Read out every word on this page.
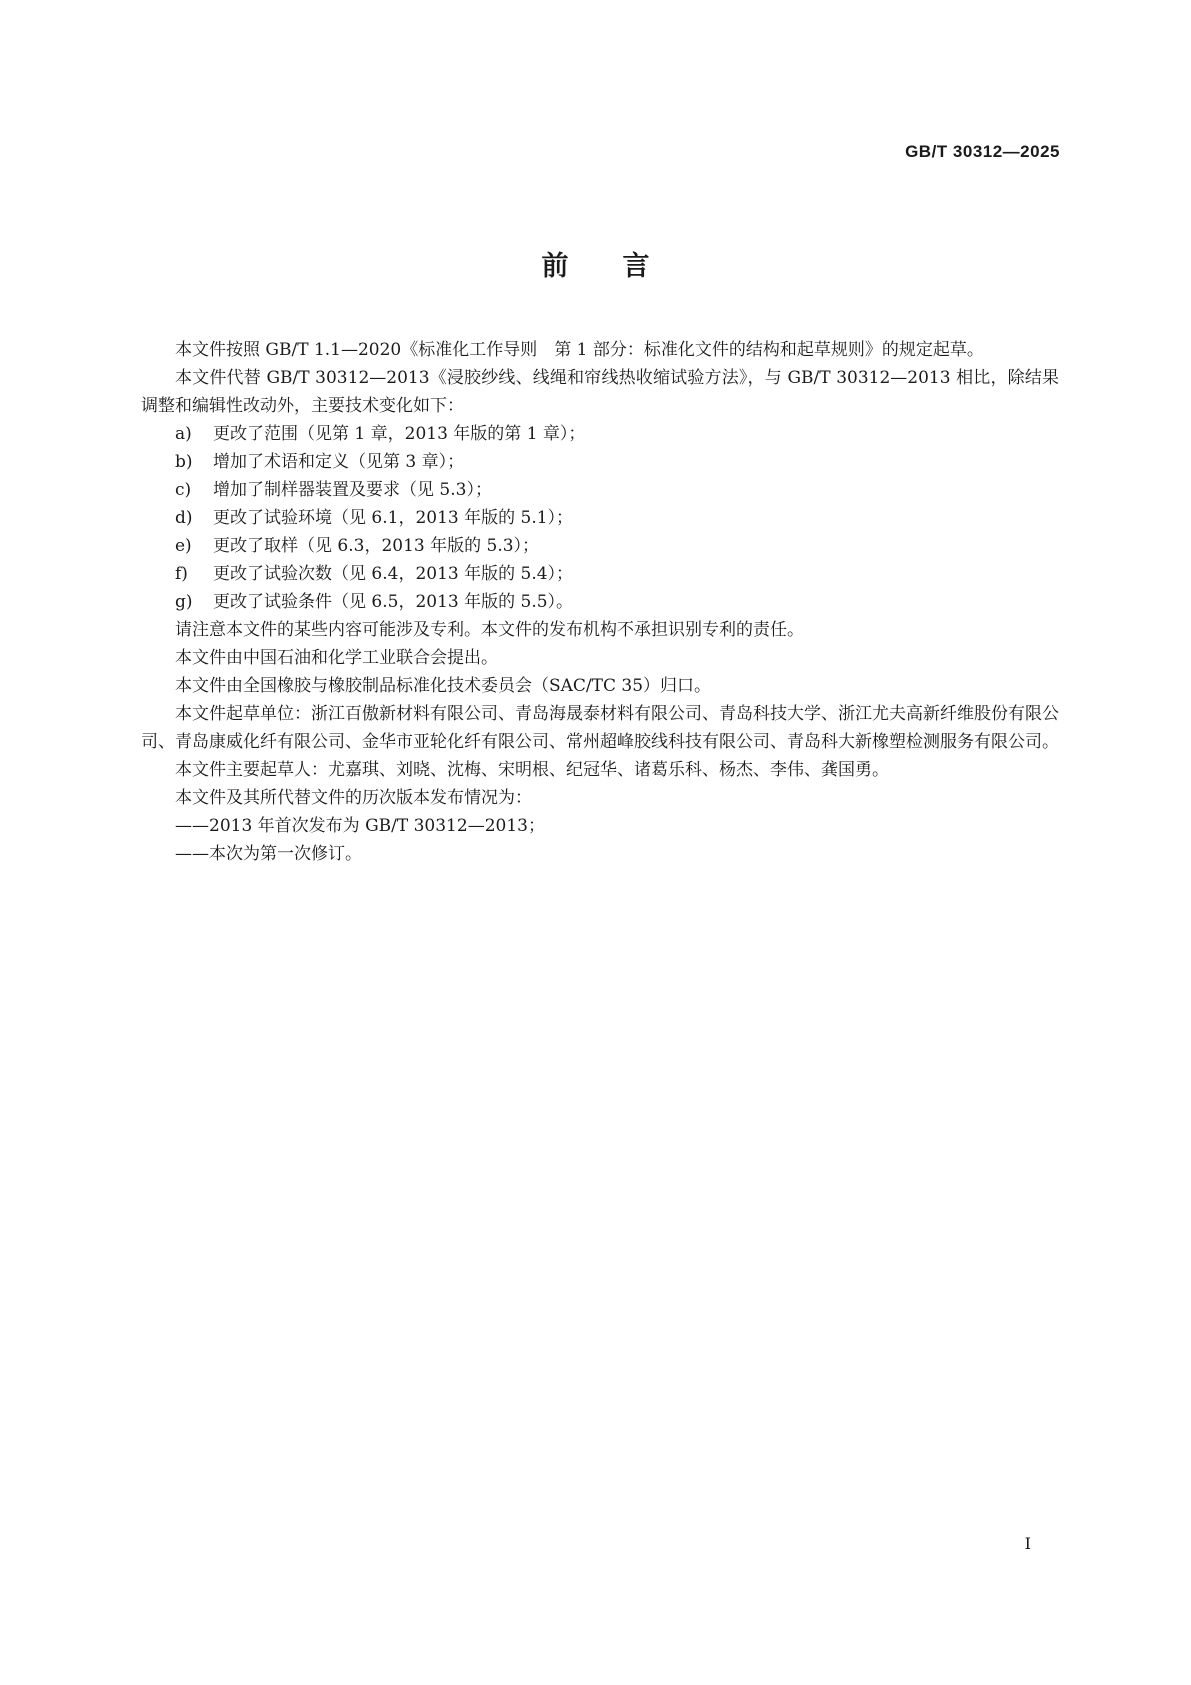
GB/T 30312—2025
前言

本文件按照 GB/T 1.1—2020《标准化工作导则　第 1 部分：标准化文件的结构和起草规则》的规定起草。

本文件代替 GB/T 30312—2013《浸胶纱线、线绳和帘线热收缩试验方法》，与 GB/T 30312—2013 相比，除结果调整和编辑性改动外，主要技术变化如下：

a)	更改了范围（见第 1 章，2013 年版的第 1 章）；
b)	增加了术语和定义（见第 3 章）；
c)	增加了制样器装置及要求（见 5.3）；
d)	更改了试验环境（见 6.1，2013 年版的 5.1）；
e)	更改了取样（见 6.3，2013 年版的 5.3）；
f)	更改了试验次数（见 6.4，2013 年版的 5.4）；
g)	更改了试验条件（见 6.5，2013 年版的 5.5）。

请注意本文件的某些内容可能涉及专利。本文件的发布机构不承担识别专利的责任。

本文件由中国石油和化学工业联合会提出。

本文件由全国橡胶与橡胶制品标准化技术委员会（SAC/TC 35）归口。

本文件起草单位：浙江百傲新材料有限公司、青岛海晟泰材料有限公司、青岛科技大学、浙江尤夫高新纤维股份有限公司、青岛康威化纤有限公司、金华市亚轮化纤有限公司、常州超峰胶线科技有限公司、青岛科大新橡塑检测服务有限公司。

本文件主要起草人：尤嘉琪、刘晓、沈梅、宋明根、纪冠华、诸葛乐科、杨杰、李伟、龚国勇。

本文件及其所代替文件的历次版本发布情况为：

——2013 年首次发布为 GB/T 30312—2013；

——本次为第一次修订。

I
